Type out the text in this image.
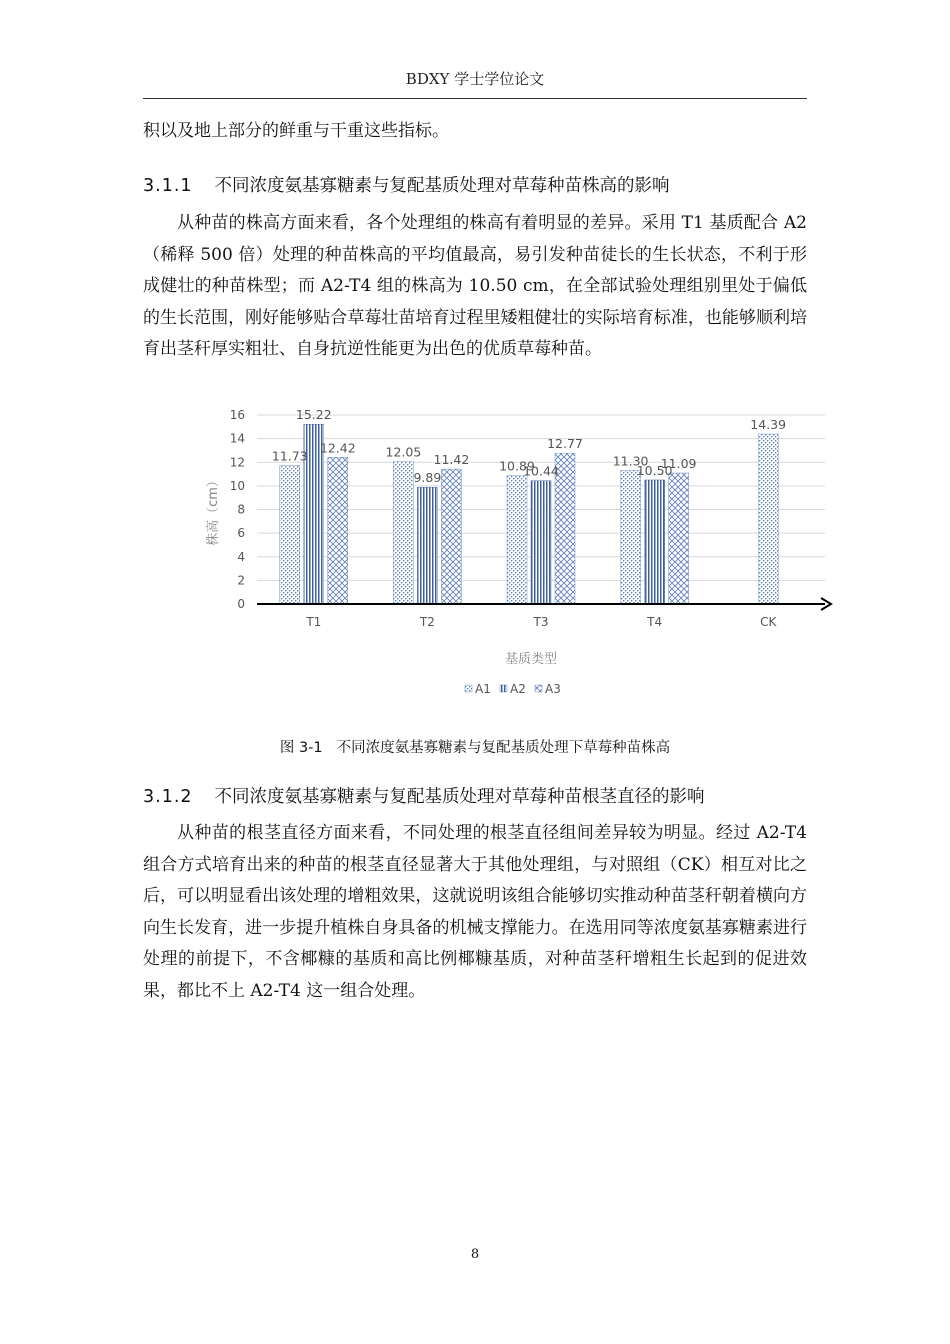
BDXY 学士学位论文

积以及地上部分的鲜重与干重这些指标。

3.1.1 不同浓度氨基寡糖素与复配基质处理对草莓种苗株高的影响

从种苗的株高方面来看，各个处理组的株高有着明显的差异。采用 T1 基质配合 A2（稀释 500 倍）处理的种苗株高的平均值最高，易引发种苗徒长的生长状态，不利于形成健壮的种苗株型；而 A2-T4 组的株高为 10.50 cm，在全部试验处理组别里处于偏低的生长范围，刚好能够贴合草莓壮苗培育过程里矮粗健壮的实际培育标准，也能够顺利培育出茎秆厚实粗壮、自身抗逆性能更为出色的优质草莓种苗。

11.73
15.22
12.42 12.05
9.89
11.42 10.89
10.44
12.77
11.30
10.50
11.09
14.39
0
2
4
6
8
10
12
14
16
T1	T2	T3	T4	CK
株高（cm）
基质类型
A1 A2 A3
图 3-1 不同浓度氨基寡糖素与复配基质处理下草莓种苗株高
3.1.2 不同浓度氨基寡糖素与复配基质处理对草莓种苗根茎直径的影响

从种苗的根茎直径方面来看，不同处理的根茎直径组间差异较为明显。经过 A2-T4 组合方式培育出来的种苗的根茎直径显著大于其他处理组，与对照组（CK）相互对比之后，可以明显看出该处理的增粗效果，这就说明该组合能够切实推动种苗茎秆朝着横向方向生长发育，进一步提升植株自身具备的机械支撑能力。在选用同等浓度氨基寡糖素进行处理的前提下，不含椰糠的基质和高比例椰糠基质，对种苗茎秆增粗生长起到的促进效果，都比不上 A2-T4 这一组合处理。

8
